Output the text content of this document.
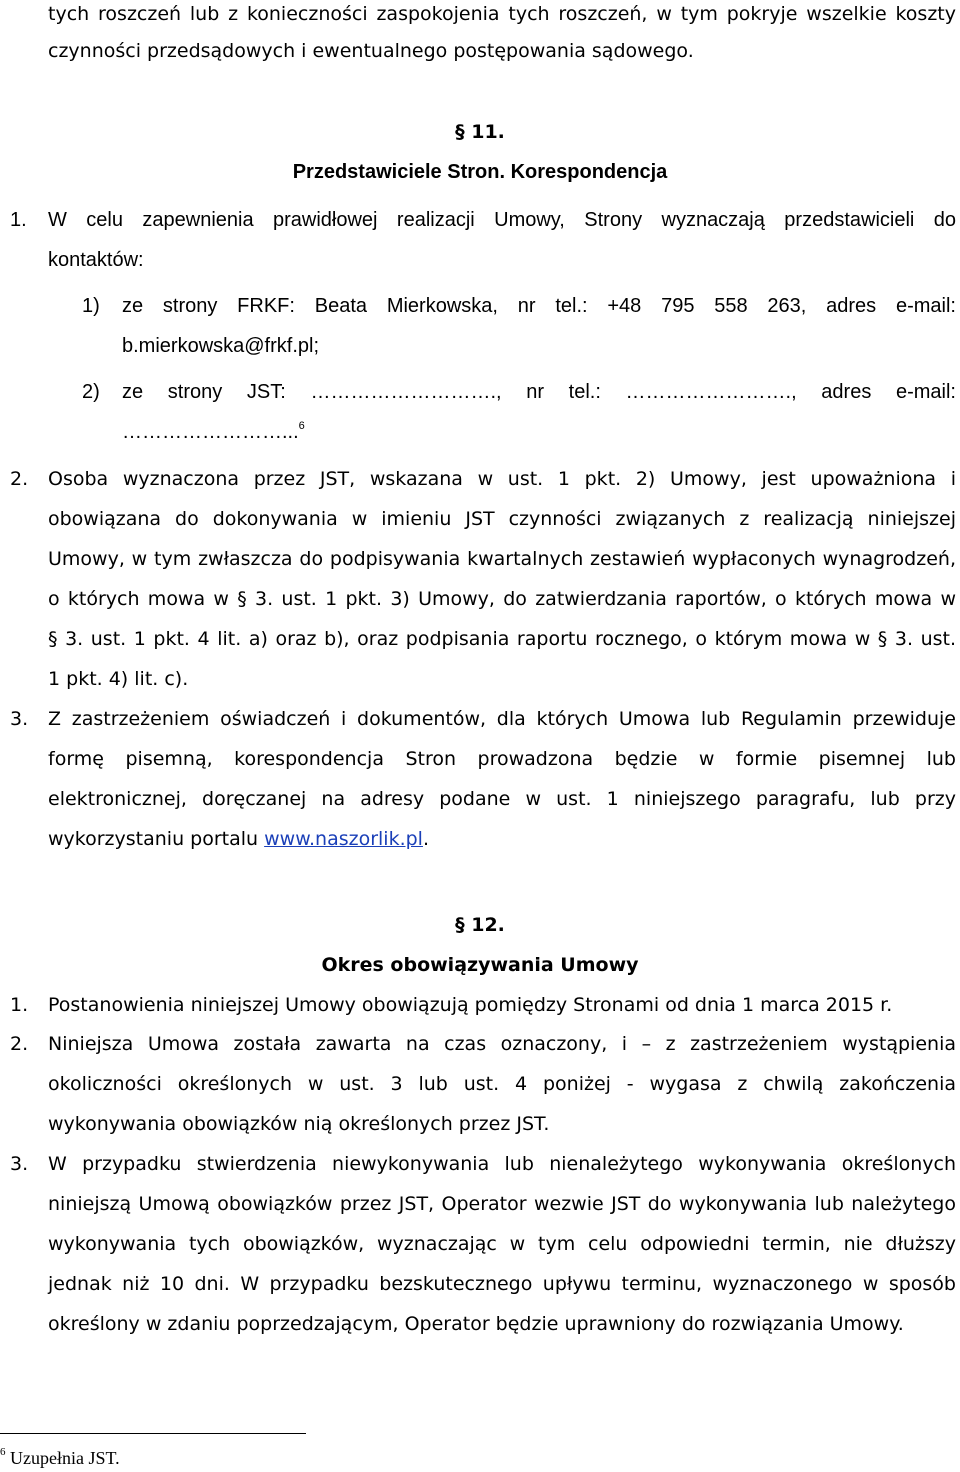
tych roszczeń lub z konieczności zaspokojenia tych roszczeń, w tym pokryje wszelkie koszty
czynności przedsądowych i ewentualnego postępowania sądowego.
§ 11.
Przedstawiciele Stron. Korespondencja
1. W celu zapewnienia prawidłowej realizacji Umowy, Strony wyznaczają przedstawicieli do
kontaktów:
1) ze strony FRKF: Beata Mierkowska, nr tel.: +48 795 558 263, adres e-mail:
b.mierkowska@frkf.pl;
2) ze strony JST: ………………………., nr tel.: ……………………., adres e-mail:
……………………...$^6$
2. Osoba wyznaczona przez JST, wskazana w ust. 1 pkt. 2) Umowy, jest upoważniona i
obowiązana do dokonywania w imieniu JST czynności związanych z realizacją niniejszej
Umowy, w tym zwłaszcza do podpisywania kwartalnych zestawień wypłaconych wynagrodzeń,
o których mowa w § 3. ust. 1 pkt. 3) Umowy, do zatwierdzania raportów, o których mowa w
§ 3. ust. 1 pkt. 4 lit. a) oraz b), oraz podpisania raportu rocznego, o którym mowa w § 3. ust.
1 pkt. 4) lit. c).
3. Z zastrzeżeniem oświadczeń i dokumentów, dla których Umowa lub Regulamin przewiduje
formę pisemną, korespondencja Stron prowadzona będzie w formie pisemnej lub
elektronicznej, doręczanej na adresy podane w ust. 1 niniejszego paragrafu, lub przy
wykorzystaniu portalu www.naszorlik.pl.
§ 12.
Okres obowiązywania Umowy
1. Postanowienia niniejszej Umowy obowiązują pomiędzy Stronami od dnia 1 marca 2015 r.
2. Niniejsza Umowa została zawarta na czas oznaczony, i – z zastrzeżeniem wystąpienia
okoliczności określonych w ust. 3 lub ust. 4 poniżej - wygasa z chwilą zakończenia
wykonywania obowiązków nią określonych przez JST.
3. W przypadku stwierdzenia niewykonywania lub nienależytego wykonywania określonych
niniejszą Umową obowiązków przez JST, Operator wezwie JST do wykonywania lub należytego
wykonywania tych obowiązków, wyznaczając w tym celu odpowiedni termin, nie dłuższy
jednak niż 10 dni. W przypadku bezskutecznego upływu terminu, wyznaczonego w sposób
określony w zdaniu poprzedzającym, Operator będzie uprawniony do rozwiązania Umowy.
$^6$ Uzupełnia JST.
